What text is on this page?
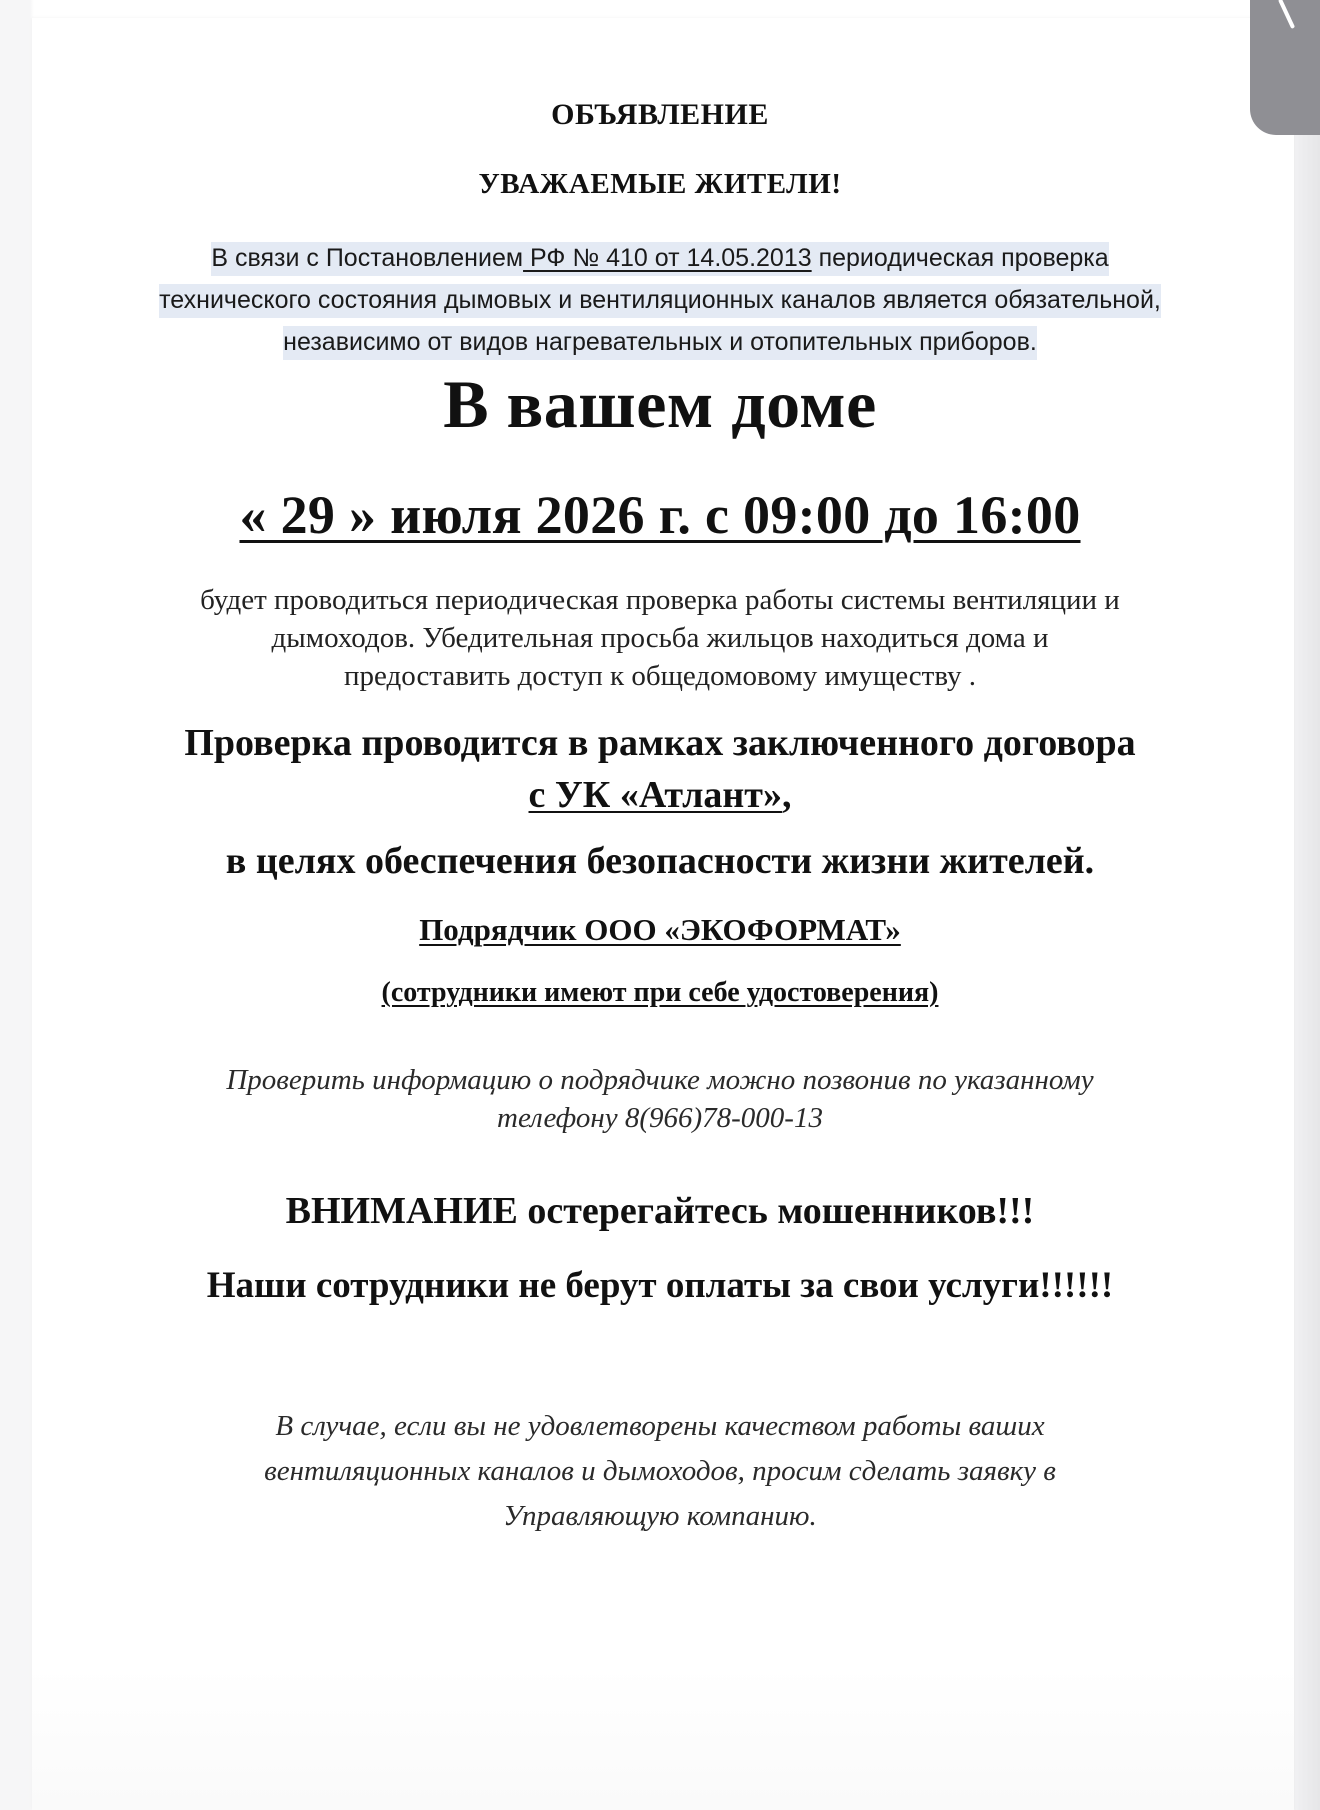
ОБЪЯВЛЕНИЕ
УВАЖАЕМЫЕ ЖИТЕЛИ!
В связи с Постановлением РФ № 410 от 14.05.2013 периодическая проверка
технического состояния дымовых и вентиляционных каналов является обязательной,
независимо от видов нагревательных и отопительных приборов.
В вашем доме
« 29 » июля 2026 г. с 09:00 до 16:00
будет проводиться периодическая проверка работы системы вентиляции и
дымоходов. Убедительная просьба жильцов находиться дома и
предоставить доступ к общедомовому имуществу .
Проверка проводится в рамках заключенного договора
с УК «Атлант»,
в целях обеспечения безопасности жизни жителей.
Подрядчик ООО «ЭКОФОРМАТ»
(сотрудники имеют при себе удостоверения)
Проверить информацию о подрядчике можно позвонив по указанному
телефону 8(966)78-000-13
ВНИМАНИЕ остерегайтесь мошенников!!!
Наши сотрудники не берут оплаты за свои услуги!!!!!!
В случае, если вы не удовлетворены качеством работы ваших
вентиляционных каналов и дымоходов, просим сделать заявку в
Управляющую компанию.
